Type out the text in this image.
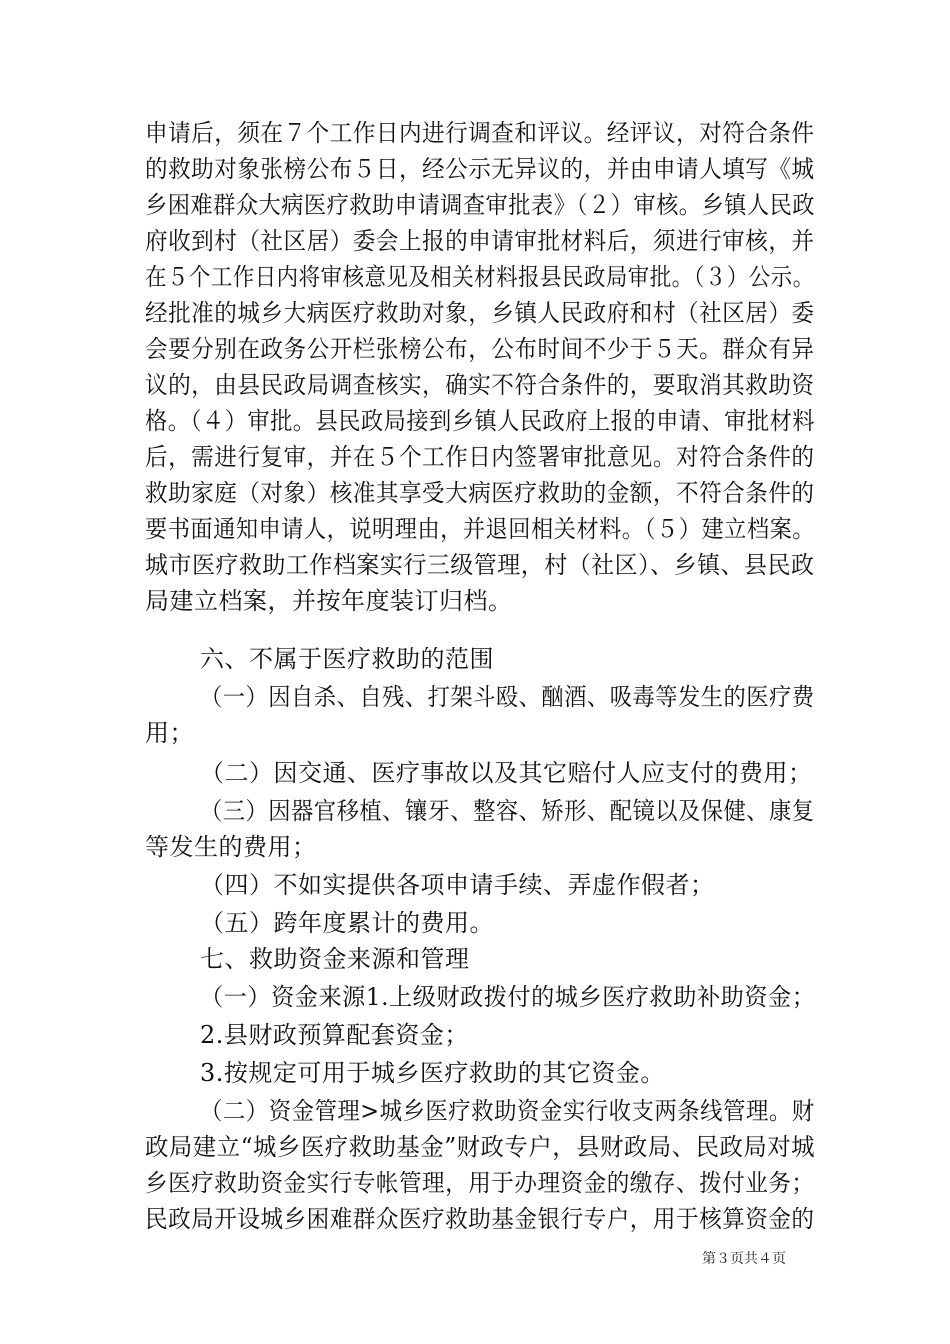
申请后，须在７个工作日内进行调查和评议。经评议，对符合条件
的救助对象张榜公布５日，经公示无异议的，并由申请人填写《城
乡困难群众大病医疗救助申请调查审批表》（２）审核。乡镇人民政
府收到村（社区居）委会上报的申请审批材料后，须进行审核，并
在５个工作日内将审核意见及相关材料报县民政局审批。（３）公示。
经批准的城乡大病医疗救助对象，乡镇人民政府和村（社区居）委
会要分别在政务公开栏张榜公布，公布时间不少于５天。群众有异
议的，由县民政局调查核实，确实不符合条件的，要取消其救助资
格。（４）审批。县民政局接到乡镇人民政府上报的申请、审批材料
后，需进行复审，并在５个工作日内签署审批意见。对符合条件的
救助家庭（对象）核准其享受大病医疗救助的金额，不符合条件的
要书面通知申请人，说明理由，并退回相关材料。（５）建立档案。
城市医疗救助工作档案实行三级管理，村（社区）、乡镇、县民政
局建立档案，并按年度装订归档。
六、不属于医疗救助的范围
（一）因自杀、自残、打架斗殴、酗酒、吸毒等发生的医疗费
用；
（二）因交通、医疗事故以及其它赔付人应支付的费用；
（三）因器官移植、镶牙、整容、矫形、配镜以及保健、康复
等发生的费用；
（四）不如实提供各项申请手续、弄虚作假者；
（五）跨年度累计的费用。
七、救助资金来源和管理
（一）资金来源1.上级财政拨付的城乡医疗救助补助资金；
2.县财政预算配套资金；
3.按规定可用于城乡医疗救助的其它资金。
（二）资金管理>城乡医疗救助资金实行收支两条线管理。财
政局建立“城乡医疗救助基金”财政专户，县财政局、民政局对城
乡医疗救助资金实行专帐管理，用于办理资金的缴存、拨付业务；
民政局开设城乡困难群众医疗救助基金银行专户，用于核算资金的
第３页共４页
